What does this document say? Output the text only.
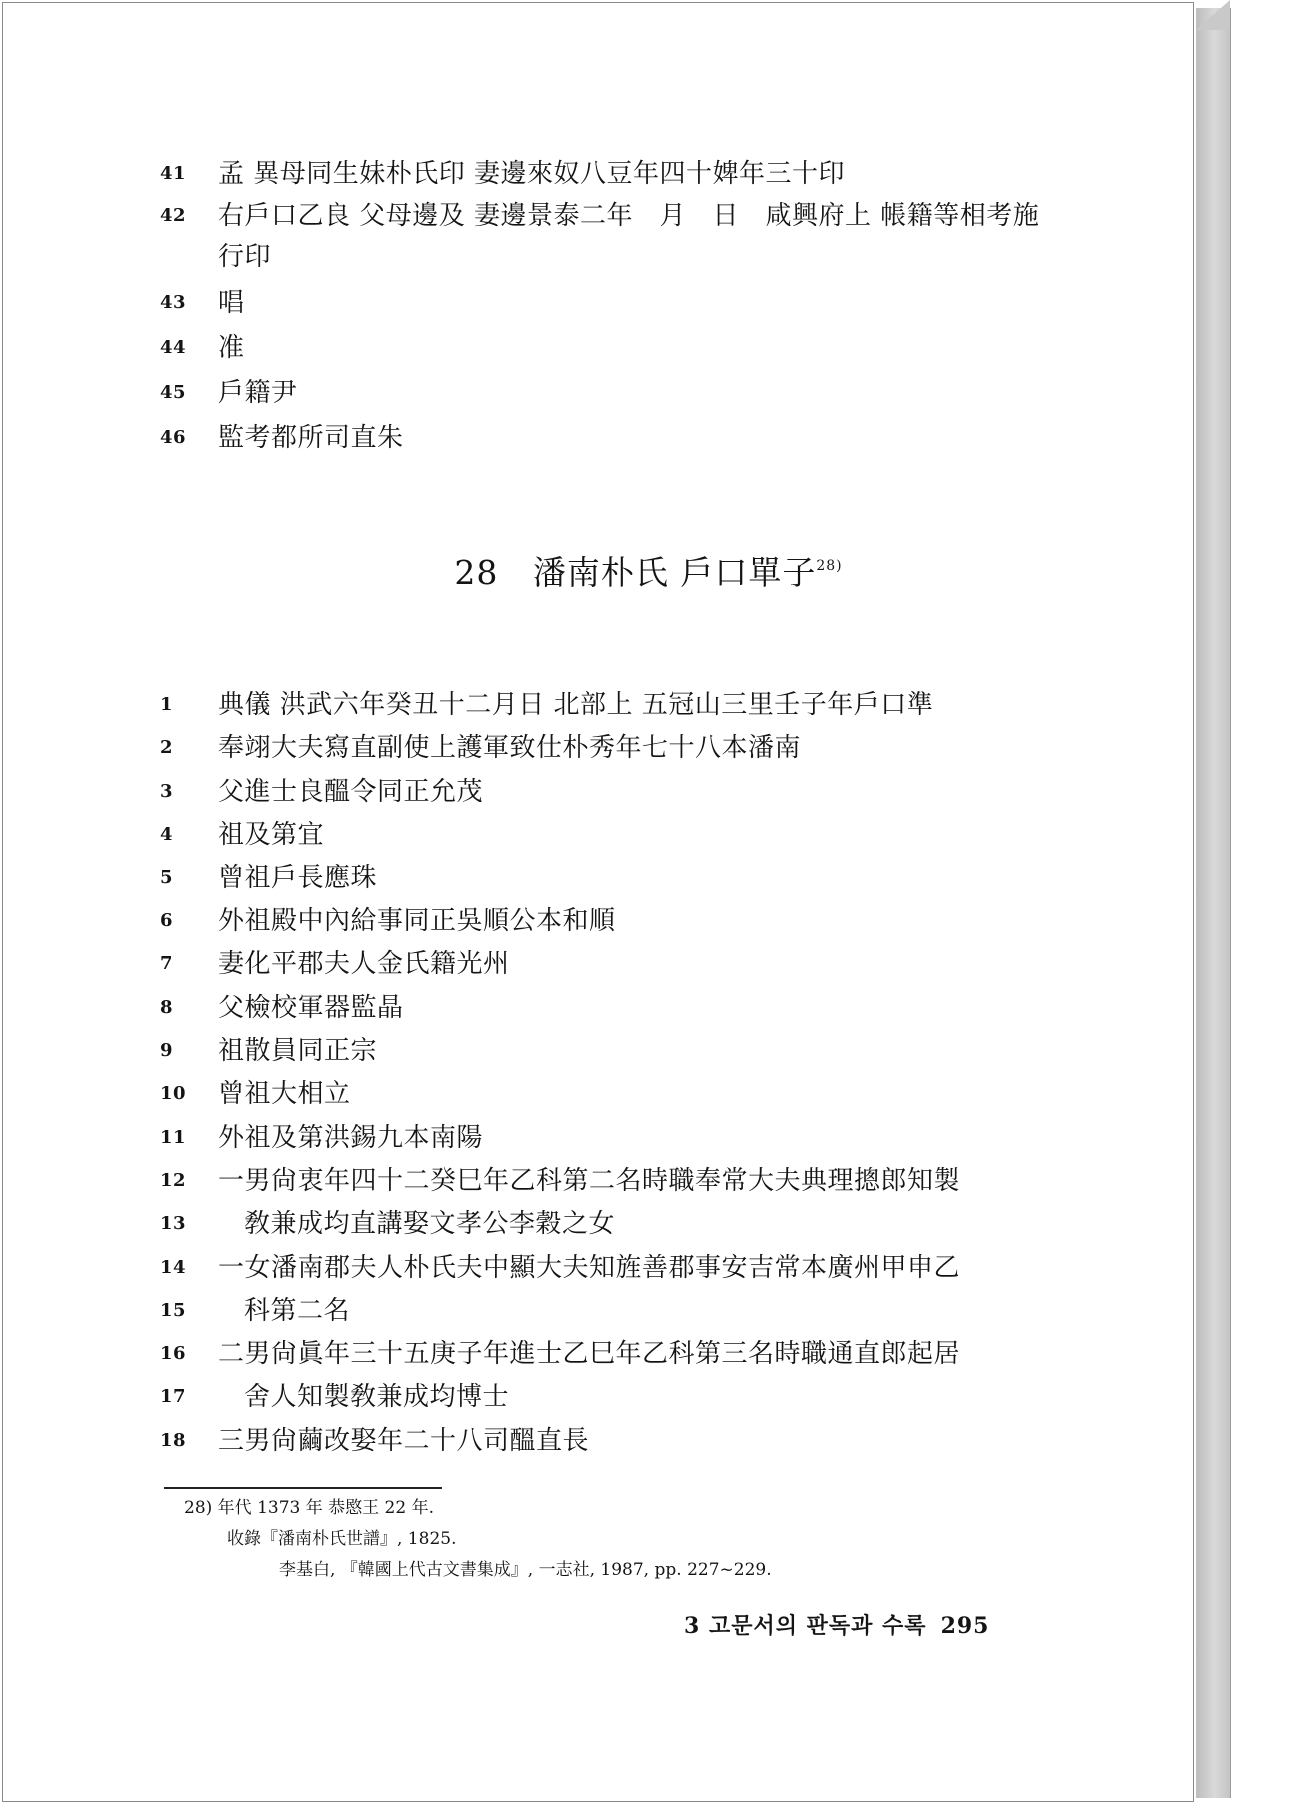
41 孟 異母同生妹朴氏印 妻邊來奴八豆年四十婢年三十印
42 右戶口乙良 父母邊及 妻邊景泰二年　月　日　咸興府上 帳籍等相考施
行印
43 唱
44 准
45 戶籍尹
46 監考都所司直朱
28 潘南朴氏 戶口單子$^{28)}$
1 典儀 洪武六年癸丑十二月日 北部上 五冠山三里壬子年戶口準
2 奉翊大夫寫直副使上護軍致仕朴秀年七十八本潘南
3 父進士良醞令同正允茂
4 祖及第宜
5 曾祖戶長應珠
6 外祖殿中內給事同正吳順公本和順
7 妻化平郡夫人金氏籍光州
8 父檢校軍器監晶
9 祖散員同正宗
10 曾祖大相立
11 外祖及第洪錫九本南陽
12 一男尙衷年四十二癸巳年乙科第二名時職奉常大夫典理摠郎知製
13 敎兼成均直講娶文孝公李穀之女
14 一女潘南郡夫人朴氏夫中顯大夫知旌善郡事安吉常本廣州甲申乙
15 科第二名
16 二男尙眞年三十五庚子年進士乙巳年乙科第三名時職通直郎起居
17 舍人知製敎兼成均博士
18 三男尙繭改娶年二十八司醞直長
28) 年代 1373 年 恭愍王 22 年.
收錄『潘南朴氏世譜』, 1825.
李基白, 『韓國上代古文書集成』, 一志社, 1987, pp. 227~229.
3 고문서의 판독과 수록 295
